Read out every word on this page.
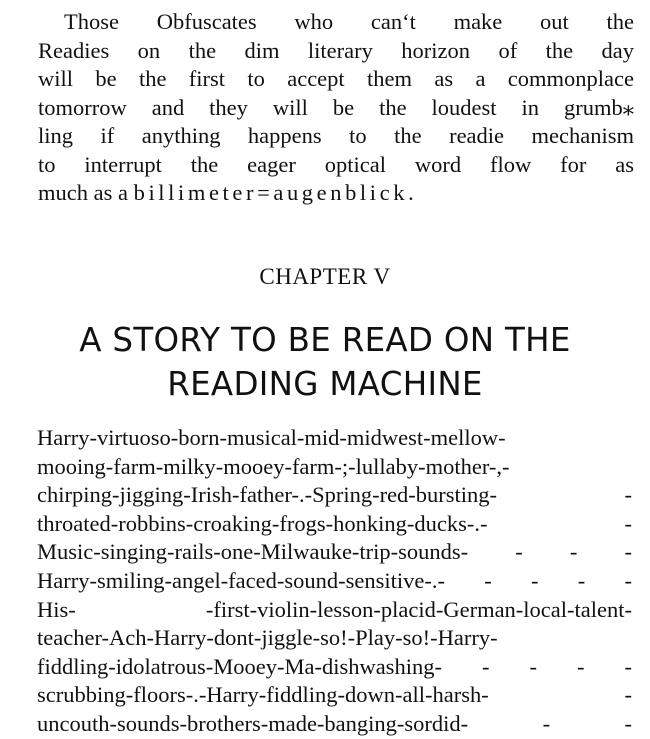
Those Obfuscates who can‘t make out the
Readies on the dim literary horizon of the day
will be the first to accept them as a commonplace
tomorrow and they will be the loudest in grumb⁎
ling if anything happens to the readie mechanism
to interrupt the eager optical word flow for as
much as a billimeter=augenblick.

CHAPTER V

A STORY TO BE READ ON THE
READING MACHINE
Harry-virtuoso-born-musical-mid-midwest-mellow-
mooing-farm-milky-mooey-farm-;-lullaby-mother-,-
chirping-jigging-Irish-father-.-Spring-red-bursting- -
throated-robbins-croaking-frogs-honking-ducks-.- -
Music-singing-rails-one-Milwauke-trip-sounds- - - -
Harry-smiling-angel-faced-sound-sensitive-.- - - - -
His- -first-violin-lesson-placid-German-local-talent-
teacher-Ach-Harry-dont-jiggle-so!-Play-so!-Harry-
fiddling-idolatrous-Mooey-Ma-dishwashing- - - - -
scrubbing-floors-.-Harry-fiddling-down-all-harsh- -
uncouth-sounds-brothers-made-banging-sordid- - -
